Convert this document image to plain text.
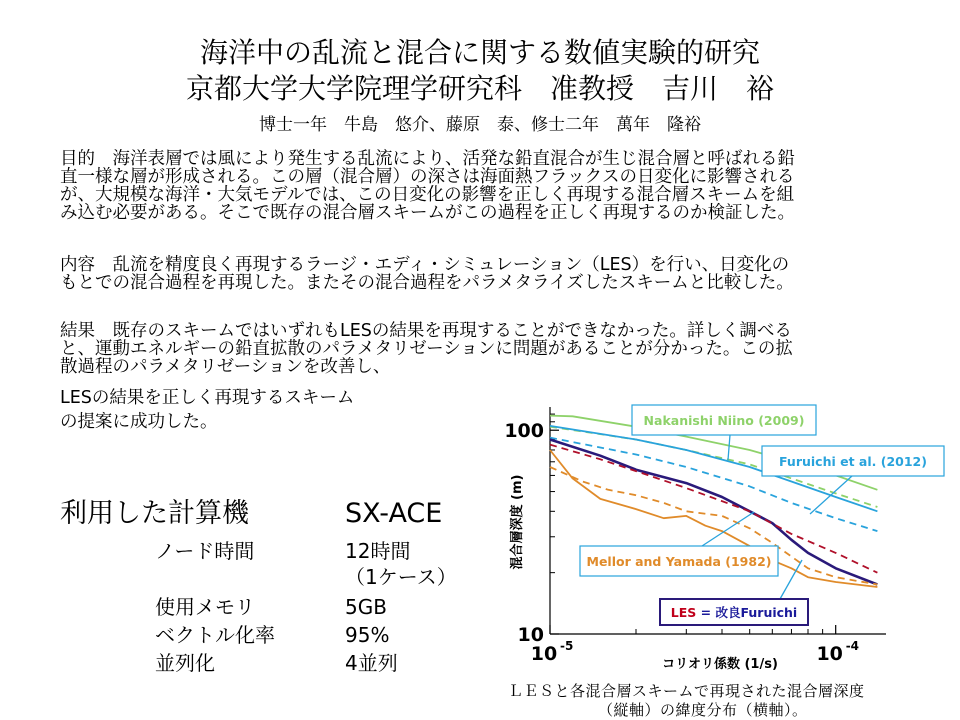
海洋中の乱流と混合に関する数値実験的研究
京都大学大学院理学研究科　准教授　吉川　裕
博士一年　牛島　悠介、藤原　泰、修士二年　萬年　隆裕
目的　海洋表層では風により発生する乱流により、活発な鉛直混合が生じ混合層と呼ばれる鉛
直一様な層が形成される。この層（混合層）の深さは海面熱フラックスの日変化に影響される
が、大規模な海洋・大気モデルでは、この日変化の影響を正しく再現する混合層スキームを組
み込む必要がある。そこで既存の混合層スキームがこの過程を正しく再現するのか検証した。
内容　乱流を精度良く再現するラージ・エディ・シミュレーション（LES）を行い、日変化の
もとでの混合過程を再現した。またその混合過程をパラメタライズしたスキームと比較した。
結果　既存のスキームではいずれもLESの結果を再現することができなかった。詳しく調べる
と、運動エネルギーの鉛直拡散のパラメタリゼーションに問題があることが分かった。この拡
散過程のパラメタリゼーションを改善し、
LESの結果を正しく再現するスキーム
の提案に成功した。
利用した計算機	SX-ACE
ノード時間	12時間
（1ケース）
使用メモリ	5GB
ベクトル化率	95%
並列化	4並列
Nakanishi Niino (2009)
Furuichi et al. (2012)
Mellor and Yamada (1982)
LES = 改良Furuichi
100
10
10 -5	10 -4
コリオリ係数 (1/s)
混合層深度 (m)
ＬＥＳと各混合層スキームで再現された混合層深度
（縦軸）の緯度分布（横軸）。
